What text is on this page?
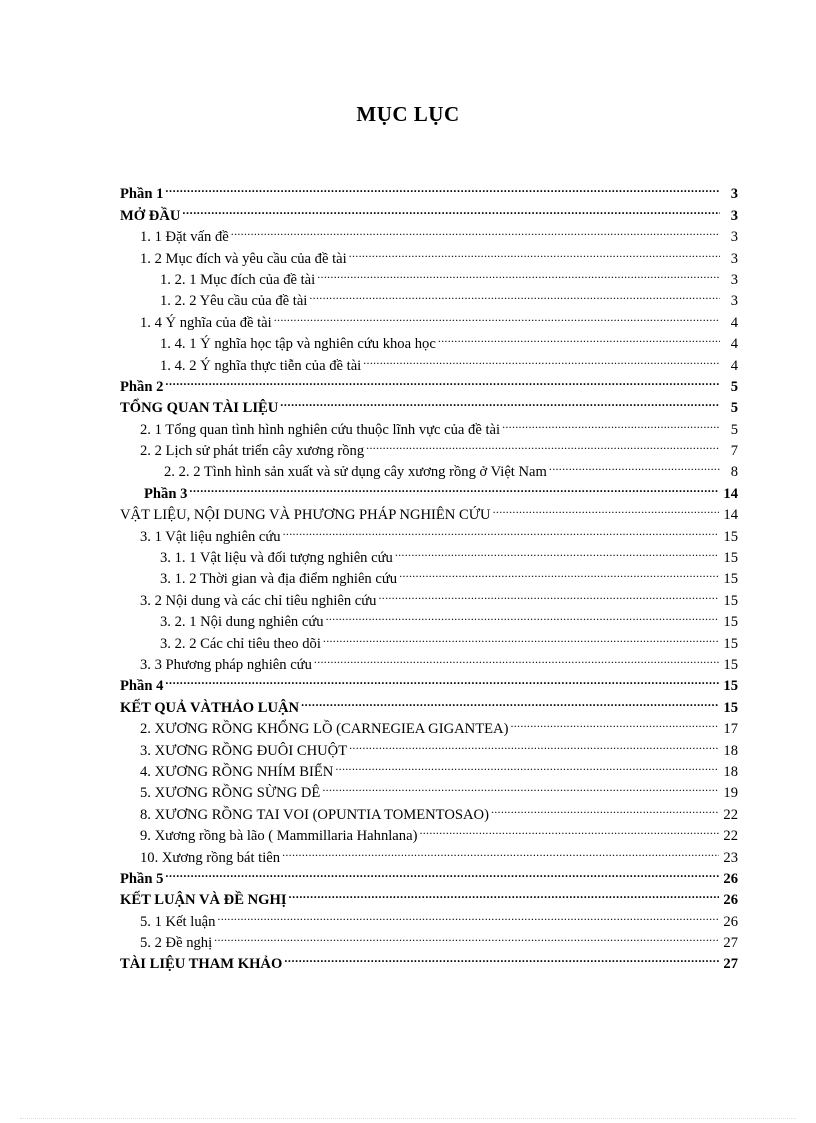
MỤC LỤC
Phần 1 .....	3
MỞ ĐẦU .....	3
1. 1 Đặt vấn đề .....	3
1. 2 Mục đích và yêu cầu của đề tài .....	3
1. 2. 1 Mục đích của đề tài .....	3
1. 2. 2 Yêu cầu của đề tài .....	3
1. 4 Ý nghĩa của đề tài .....	4
1. 4. 1 Ý nghĩa học tập và nghiên cứu khoa học .....	4
1. 4. 2 Ý nghĩa thực tiễn của đề tài .....	4
Phần 2 .....	5
TỔNG QUAN TÀI LIỆU .....	5
2. 1 Tổng quan tình hình nghiên cứu thuộc lĩnh vực của đề tài .....	5
2. 2 Lịch sử phát triển cây xương rồng .....	7
2. 2. 2 Tình hình sản xuất và sử dụng cây xương rồng ở Việt Nam .....	8
Phần 3 .....	14
VẬT LIỆU, NỘI DUNG VÀ PHƯƠNG PHÁP NGHIÊN CỨU .....	14
3. 1 Vật liệu nghiên cứu .....	15
3. 1. 1 Vật liệu và đối tượng nghiên cứu .....	15
3. 1. 2 Thời gian và địa điểm nghiên cứu .....	15
3. 2 Nội dung và các chỉ tiêu nghiên cứu .....	15
3. 2. 1 Nội dung nghiên cứu .....	15
3. 2. 2 Các chỉ tiêu theo dõi .....	15
3. 3 Phương pháp nghiên cứu .....	15
Phần 4 .....	15
KẾT QUẢ VÀTHẢO LUẬN .....	15
2. XƯƠNG RỒNG KHỔNG LỒ (CARNEGIEA GIGANTEA) .....	17
3. XƯƠNG RỒNG ĐUÔI CHUỘT .....	18
4. XƯƠNG RỒNG NHÍM BIỂN .....	18
5. XƯƠNG RỒNG SỪNG DÊ .....	19
8. XƯƠNG RỒNG TAI VOI (OPUNTIA TOMENTOSAO) .....	22
9. Xương rồng bà lão ( Mammillaria Hahnlana) .....	22
10. Xương rồng bát tiên .....	23
Phần 5 .....	26
KẾT LUẬN VÀ ĐỀ NGHỊ .....	26
5. 1 Kết luận .....	26
5. 2 Đề nghị .....	27
TÀI LIỆU THAM KHẢO .....	27
